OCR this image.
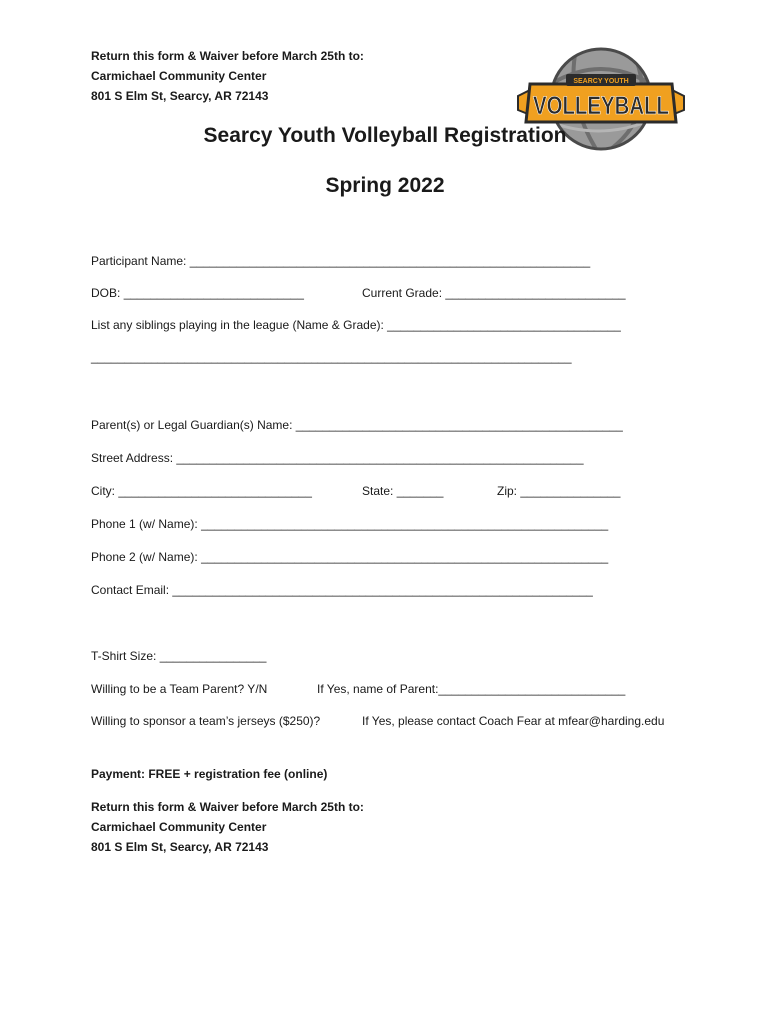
Return this form & Waiver before March 25th to:
Carmichael Community Center
801 S Elm St, Searcy, AR 72143
SEARCY YOUTH
VOLLEYBALL
Searcy Youth Volleyball Registration
Spring 2022
Participant Name: ____________________________________________________________
DOB: ___________________________	Current Grade: ___________________________
List any siblings playing in the league (Name & Grade): ___________________________________
________________________________________________________________________
Parent(s) or Legal Guardian(s) Name: _________________________________________________
Street Address: _____________________________________________________________
City: _____________________________	State: _______	Zip: _______________
Phone 1 (w/ Name): _____________________________________________________________
Phone 2 (w/ Name): _____________________________________________________________
Contact Email: _______________________________________________________________
T-Shirt Size: ________________
Willing to be a Team Parent? Y/N	If Yes, name of Parent:____________________________
Willing to sponsor a team’s jerseys ($250)?	If Yes, please contact Coach Fear at mfear@harding.edu
Payment: FREE + registration fee (online)
Return this form & Waiver before March 25th to:
Carmichael Community Center
801 S Elm St, Searcy, AR 72143
